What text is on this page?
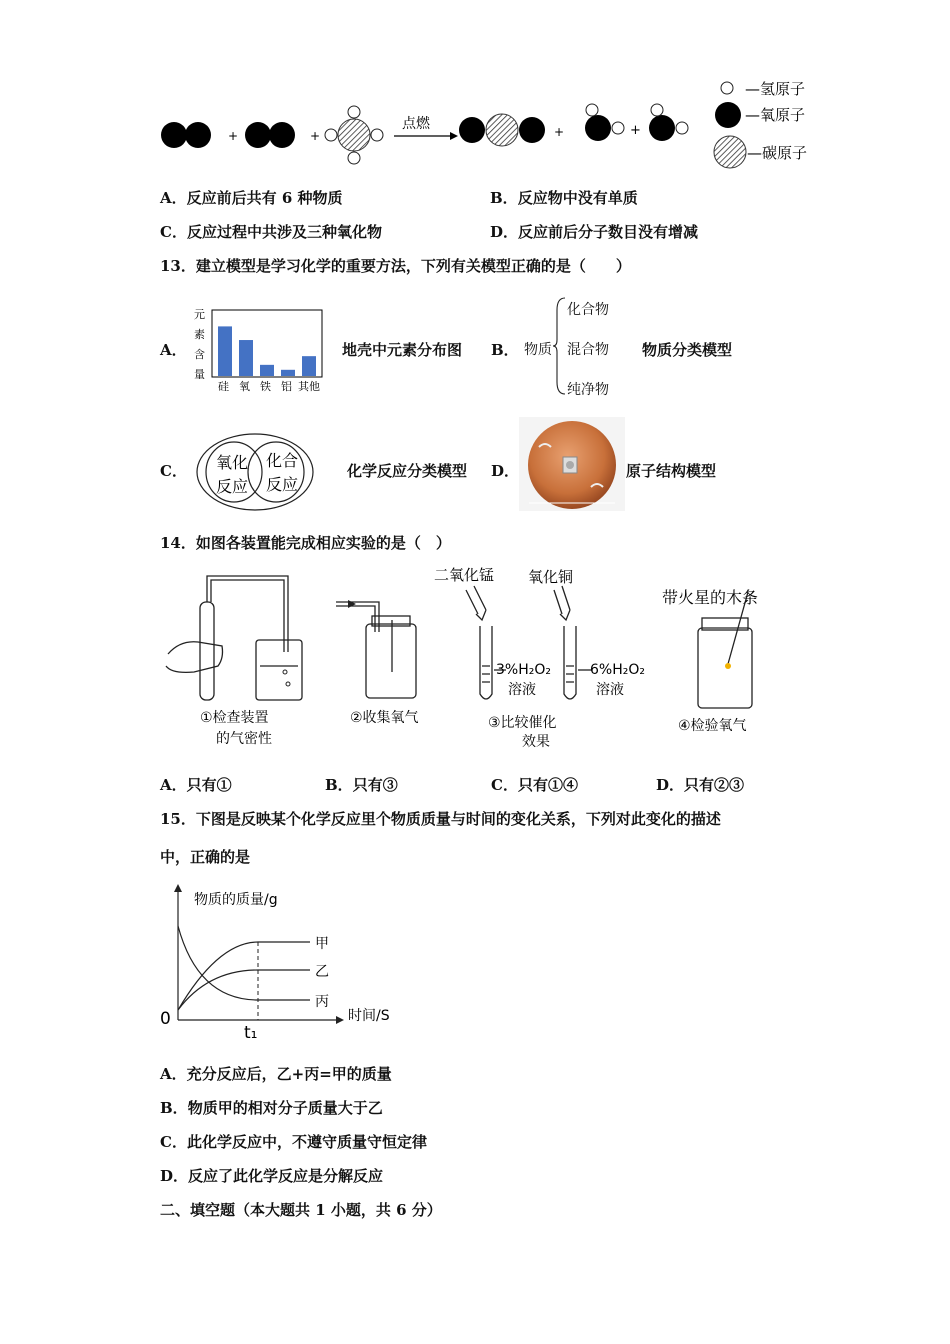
+	+
点燃	+	+
—氢原子
—氧原子
—碳原子
A．反应前后共有 6 种物质	B．反应物中没有单质
C．反应过程中共涉及三种氧化物	D．反应前后分子数目没有增减
13．建立模型是学习化学的重要方法，下列有关模型正确的是（　　）
A．
元
素
含
量
硅 氧 铁 铝 其他
地壳中元素分布图 B． 物质
化合物
混合物
纯净物
物质分类模型
C． 氧化
反应
化合
反应
化学反应分类模型 D．	原子结构模型
14．如图各装置能完成相应实验的是（　）
二氧化锰 氧化铜
3%H₂O₂
溶液
6%H₂O₂
溶液
带火星的木条
①检查装置
的气密性
②收集氧气	③比较催化
效果
④检验氧气
A．只有①	B．只有③	C．只有①④	D．只有②③
15．下图是反映某个化学反应里个物质质量与时间的变化关系，下列对此变化的描述
中，正确的是
物质的质量/g
时间/S
0
t₁
甲
乙
丙
A．充分反应后，乙+丙=甲的质量
B．物质甲的相对分子质量大于乙
C．此化学反应中，不遵守质量守恒定律
D．反应了此化学反应是分解反应
二、填空题（本大题共 1 小题，共 6 分）
